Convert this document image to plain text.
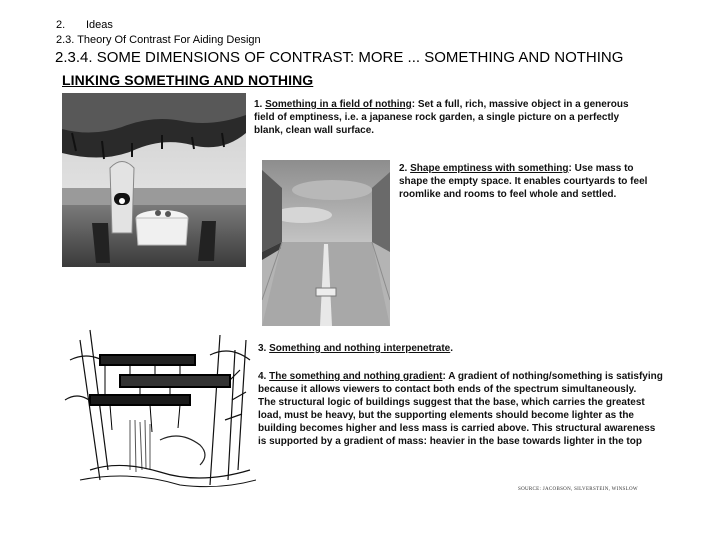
2. Ideas
2.3. Theory Of Contrast For Aiding Design
2.3.4. SOME DIMENSIONS OF CONTRAST: MORE ... SOMETHING AND NOTHING
LINKING SOMETHING AND NOTHING
1. Something in a field of nothing: Set a full, rich, massive object in a generous field of emptiness, i.e. a japanese rock garden, a single picture on a perfectly blank, clean wall surface.
2. Shape emptiness with something: Use mass to shape the empty space. It enables courtyards to feel roomlike and rooms to feel whole and settled.
3. Something and nothing interpenetrate.
4. The something and nothing gradient: A gradient of nothing/something is satisfying because it allows viewers to contact both ends of the spectrum simultaneously.
The structural logic of buildings suggest that the base, which carries the greatest load, must be heavy, but the supporting elements should become lighter as the building becomes higher and less mass is carried above. This structural awareness is supported by a gradient of mass: heavier in the base towards lighter in the top
SOURCE: JACOBSON, SILVERSTEIN, WINSLOW
